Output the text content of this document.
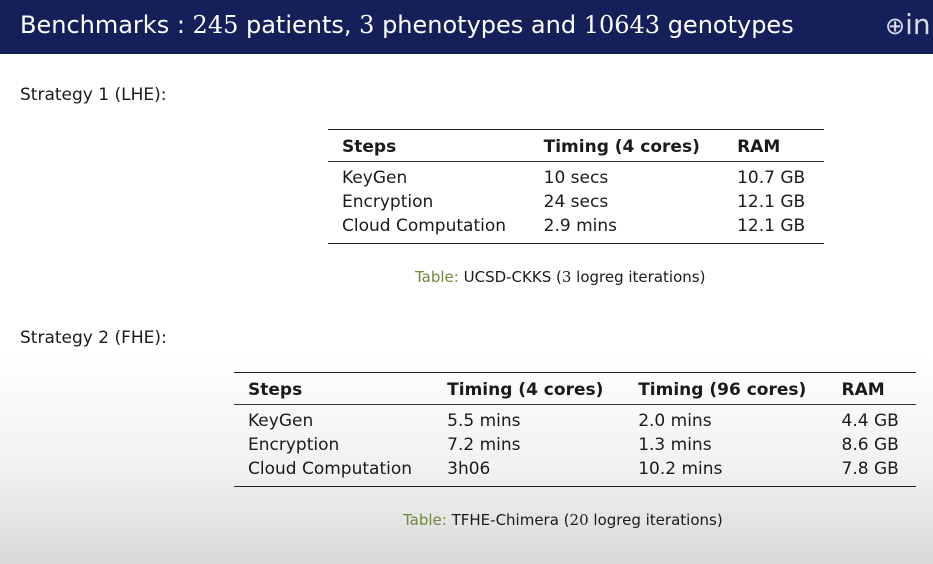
Benchmarks : 245 patients, 3 phenotypes and 10643 genotypes	⊕in
Strategy 1 (LHE):
Steps	Timing (4 cores)	RAM
KeyGen	10 secs	10.7 GB
Encryption	24 secs	12.1 GB
Cloud Computation	2.9 mins	12.1 GB
Table: UCSD-CKKS (3 logreg iterations)
Strategy 2 (FHE):
Steps	Timing (4 cores)	Timing (96 cores)	RAM
KeyGen	5.5 mins	2.0 mins	4.4 GB
Encryption	7.2 mins	1.3 mins	8.6 GB
Cloud Computation	3h06	10.2 mins	7.8 GB
Table: TFHE-Chimera (20 logreg iterations)
